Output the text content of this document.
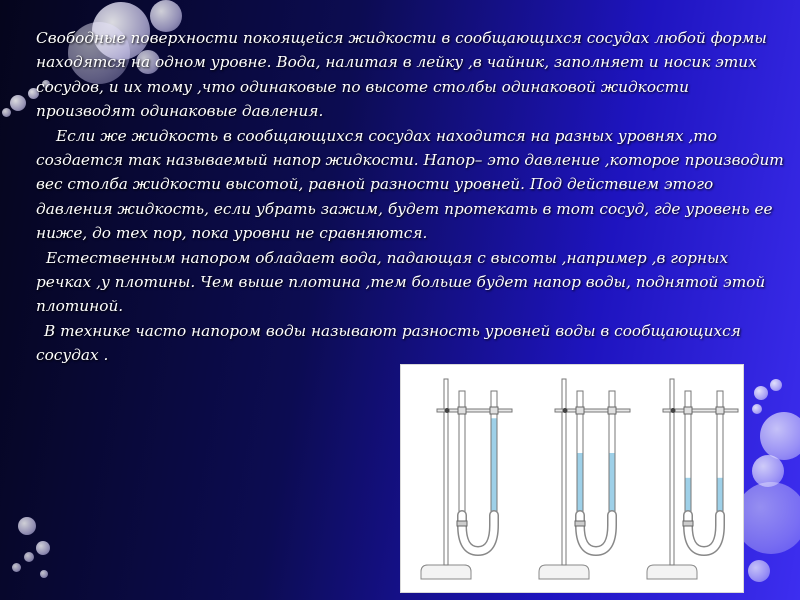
Свободные поверхности покоящейся жидкости в сообщающихся сосудах любой формы находятся на одном уровне. Вода, налитая в лейку ,в чайник, заполняет и носик этих сосудов, и их тому ,что одинаковые по высоте столбы одинаковой жидкости производят одинаковые давления.

Если же жидкость в сообщающихся сосудах находится на разных уровнях ,то создается так называемый напор жидкости. Напор– это давление ,которое производит вес столба жидкости высотой, равной разности уровней. Под действием этого давления жидкость, если убрать зажим, будет протекать в тот сосуд, где уровень ее ниже, до тех пор, пока уровни не сравняются.

Естественным напором обладает вода, падающая с высоты ,например ,в горных речках ,у плотины. Чем выше плотина ,тем больше будет напор воды, поднятой этой плотиной.

В технике часто напором воды называют разность уровней воды в сообщающихся сосудах .
